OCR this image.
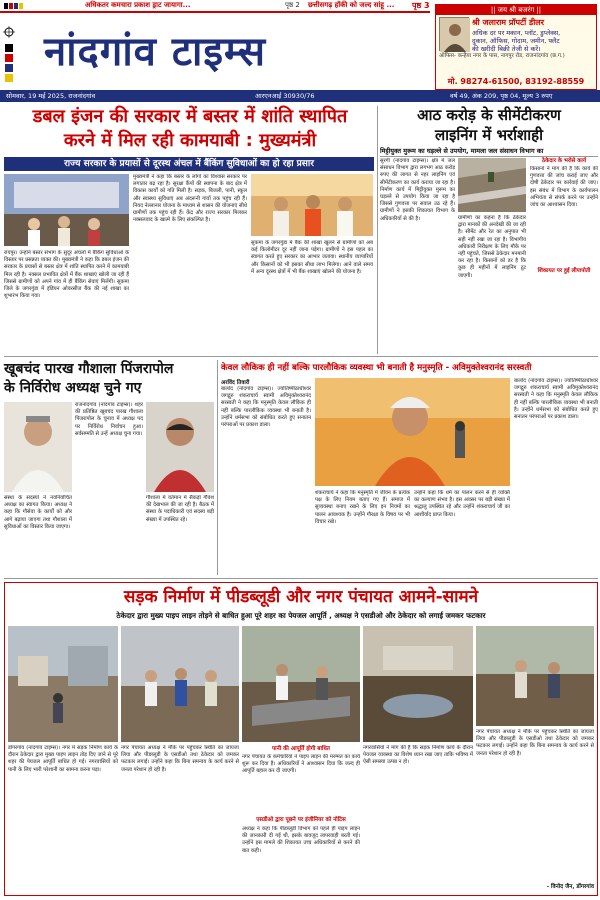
अधिकतर कमचारा प्रकाश ड्राट जायागा...	पृष्ठ 2 छत्तीसगढ़ हॉकी को जल्द सांहू ... पृष्ठ 3
नांदगांव टाइम्स
|| जय श्री बजरंग ||
श्री जलाराम प्रॉपर्टी डीलर
अधिक दर पर मकान, प्लॉट, डुप्लेक्स,
दुकान, ऑफिस, गोदाम, जमीन, फ्लैट
की खरीदी बिक्री तेजी से करें।
ऑफिस- कन्हैया नगर के पास, नागपुर रोड, राजनांदगांव (छ.ग.)
मो. 98274-61500, 83192-88559
सोमवार, 19 मई 2025, राजनांदगांव	आरएनआई 30930/76	वर्ष 49, अंक 209, पृष्ठ 04, मूल्य 3 रुपए
डबल इंजन की सरकार में बस्तर में शांति स्थापित
करने में मिल रही कामयाबी : मुख्यमंत्री
राज्य सरकार के प्रयासों से दूरस्थ अंचल में बैंकिंग सुविधाओं का हो रहा प्रसार
रायपुर। उन्होंने बस्तर संभाग के सुदूर अंचलों में बैंकिंग सुविधाओं के विस्तार पर प्रसन्नता व्यक्त की। मुख्यमंत्री ने कहा कि डबल इंजन की सरकार के प्रयासों से बस्तर क्षेत्र में शांति स्थापित करने में कामयाबी मिल रही है। नक्सल प्रभावित क्षेत्रों में बैंक शाखाएं खोली जा रही हैं जिससे ग्रामीणों को अपने गांव में ही बैंकिंग सेवाएं मिलेंगी। सुकमा जिले के जगरगुंडा में इंडियन ओवरसीज बैंक की नई शाखा का शुभारंभ किया गया।
मुख्यमंत्री ने कहा कि बस्तर के लोगों का विश्वास सरकार पर लगातार बढ़ रहा है। सुरक्षा कैंपों की स्थापना के बाद क्षेत्र में विकास कार्यों को गति मिली है। सड़क, बिजली, पानी, स्कूल और स्वास्थ्य सुविधाएं अब अंदरूनी गांवों तक पहुंच रही हैं। नियद नेल्लानार योजना के माध्यम से शासन की योजनाएं सीधे ग्रामीणों तक पहुंच रही हैं। केंद्र और राज्य सरकार मिलकर नक्सलवाद के खात्मे के लिए संकल्पित है।
सुकमा के जगरगुंडा में बैंक की शाखा खुलने से ग्रामीणों को अब कई किलोमीटर दूर नहीं जाना पड़ेगा। ग्रामीणों ने इस पहल का स्वागत करते हुए सरकार का आभार जताया। स्थानीय व्यापारियों और किसानों को भी इसका सीधा लाभ मिलेगा। आने वाले समय में अन्य दूरस्थ क्षेत्रों में भी बैंक शाखाएं खोलने की योजना है।
आठ करोड़ के सीमेंटीकरण
लाइनिंग में भर्राशाही
मिट्टीयुक्त मुरूम का घड़ल्ले से उपयोग, मामला जल संसाधन विभाग का
सुरगी (नांदगांव टाइम्स)। क्षेत्र में जल संसाधन विभाग द्वारा लगभग आठ करोड़ रुपए की लागत से नहर लाइनिंग एवं सीमेंटीकरण का कार्य कराया जा रहा है। निर्माण कार्य में मिट्टीयुक्त मुरूम का घड़ल्ले से उपयोग किया जा रहा है जिससे गुणवत्ता पर सवाल उठ रहे हैं। ग्रामीणों ने इसकी शिकायत विभाग के अधिकारियों से की है।	ग्रामीणों का कहना है कि ठेकेदार द्वारा मानकों की अनदेखी की जा रही है। सीमेंट और रेत का अनुपात भी सही नहीं रखा जा रहा है। विभागीय अधिकारी निरीक्षण के लिए मौके पर नहीं पहुंचते, जिससे ठेकेदार मनमानी कर रहा है। किसानों को डर है कि कुछ ही महीनों में लाइनिंग टूट जाएगी।
ठेकेदार के भरोसे कार्य
किसानों ने मांग की है कि कार्य की गुणवत्ता की जांच कराई जाए और दोषी ठेकेदार पर कार्रवाई की जाए। इस संबंध में विभाग के कार्यपालन अभियंता से संपर्क करने पर उन्होंने जांच का आश्वासन दिया।
शिकायत पर हुई लीपापोती
खूबचंद पारख गौशाला पिंजरापोल
के निर्विरोध अध्यक्ष चुने गए
राजनांदगांव (नांदगांव टाइम्स)। शहर की प्रतिष्ठित खूबचंद पारख गौशाला पिंजरापोल के चुनाव में अध्यक्ष पद पर निर्विरोध निर्वाचन हुआ। सर्वसम्मति से उन्हें अध्यक्ष चुना गया।
संस्था के सदस्यों ने नवनिर्वाचित अध्यक्ष का स्वागत किया। अध्यक्ष ने कहा कि गौसेवा के कार्यों को और आगे बढ़ाया जाएगा तथा गौशाला में सुविधाओं का विस्तार किया जाएगा।
गौशाला में वर्तमान में सैकड़ों गौवंश की देखभाल की जा रही है। बैठक में संस्था के पदाधिकारी एवं सदस्य बड़ी संख्या में उपस्थित रहे।
केवल लौकिक ही नहीं बल्कि पारलौकिक व्यवस्था भी बनाती है मनुस्मृति - अविमुक्तेश्वरानंद सरस्वती
अरविंद तिवारी
बालोद (नांदगांव टाइम्स)। ज्योतिष्पीठाधीश्वर जगद्गुरु शंकराचार्य स्वामी अविमुक्तेश्वरानंद सरस्वती ने कहा कि मनुस्मृति केवल लौकिक ही नहीं बल्कि पारलौकिक व्यवस्था भी बनाती है। उन्होंने धर्मसभा को संबोधित करते हुए सनातन परंपराओं पर प्रकाश डाला।
शंकराचार्य ने कहा कि मनुस्मृति में जीवन के प्रत्येक पक्ष के लिए नियम बताए गए हैं। समाज में सुव्यवस्था बनाए रखने के लिए इन नियमों का पालन आवश्यक है। उन्होंने गौरक्षा के विषय पर भी विचार रखे।
उन्होंने कहा कि धर्म का पालन करने से ही व्यक्ति का कल्याण संभव है। इस अवसर पर बड़ी संख्या में श्रद्धालु उपस्थित रहे और उन्होंने शंकराचार्य जी का आशीर्वाद प्राप्त किया।
बालोद (नांदगांव टाइम्स)। ज्योतिष्पीठाधीश्वर जगद्गुरु शंकराचार्य स्वामी अविमुक्तेश्वरानंद सरस्वती ने कहा कि मनुस्मृति केवल लौकिक ही नहीं बल्कि पारलौकिक व्यवस्था भी बनाती है। उन्होंने धर्मसभा को संबोधित करते हुए सनातन परंपराओं पर प्रकाश डाला।
सड़क निर्माण में पीडब्लूडी और नगर पंचायत आमने-सामने
ठेकेदार द्वारा मुख्य पाइप लाइन तोड़ने से बाधित हुआ पूरे शहर का पेयजल आपूर्ति , अध्यक्ष ने एसडीओ और ठेकेदार को लगाई जमकर फटकार
डोंगरगांव (नांदगांव टाइम्स)। नगर में सड़क निर्माण कार्य के दौरान ठेकेदार द्वारा मुख्य पाइप लाइन तोड़ दिए जाने से पूरे शहर की पेयजल आपूर्ति बाधित हो गई। नगरवासियों को पानी के लिए भारी परेशानी का सामना करना पड़ा।
नगर पंचायत अध्यक्ष ने मौके पर पहुंचकर स्थिति का जायजा लिया और पीडब्लूडी के एसडीओ तथा ठेकेदार को जमकर फटकार लगाई। उन्होंने कहा कि बिना समन्वय के कार्य करने से जनता परेशान हो रही है।
पानी की आपूर्ति होगी बाधित
नगर पंचायत के कर्मचारियों ने पाइप लाइन की मरम्मत का कार्य शुरू कर दिया है। अधिकारियों ने आश्वासन दिया कि जल्द ही आपूर्ति बहाल कर दी जाएगी।
एसडीओ द्वारा पूछने पर इंजीनियर को नोटिस
अध्यक्ष ने कहा कि पीडब्लूडी विभाग को पहले ही पाइप लाइन की जानकारी दी गई थी, इसके बावजूद लापरवाही बरती गई। उन्होंने इस मामले की शिकायत उच्च अधिकारियों से करने की बात कही।
नगरवासियों ने मांग की है कि सड़क निर्माण कार्य के दौरान पेयजल व्यवस्था का विशेष ध्यान रखा जाए ताकि भविष्य में ऐसी समस्या उत्पन्न न हो।
नगर पंचायत अध्यक्ष ने मौके पर पहुंचकर स्थिति का जायजा लिया और पीडब्लूडी के एसडीओ तथा ठेकेदार को जमकर फटकार लगाई। उन्होंने कहा कि बिना समन्वय के कार्य करने से जनता परेशान हो रही है।
- विनोद जैन, डोंगरगांव
